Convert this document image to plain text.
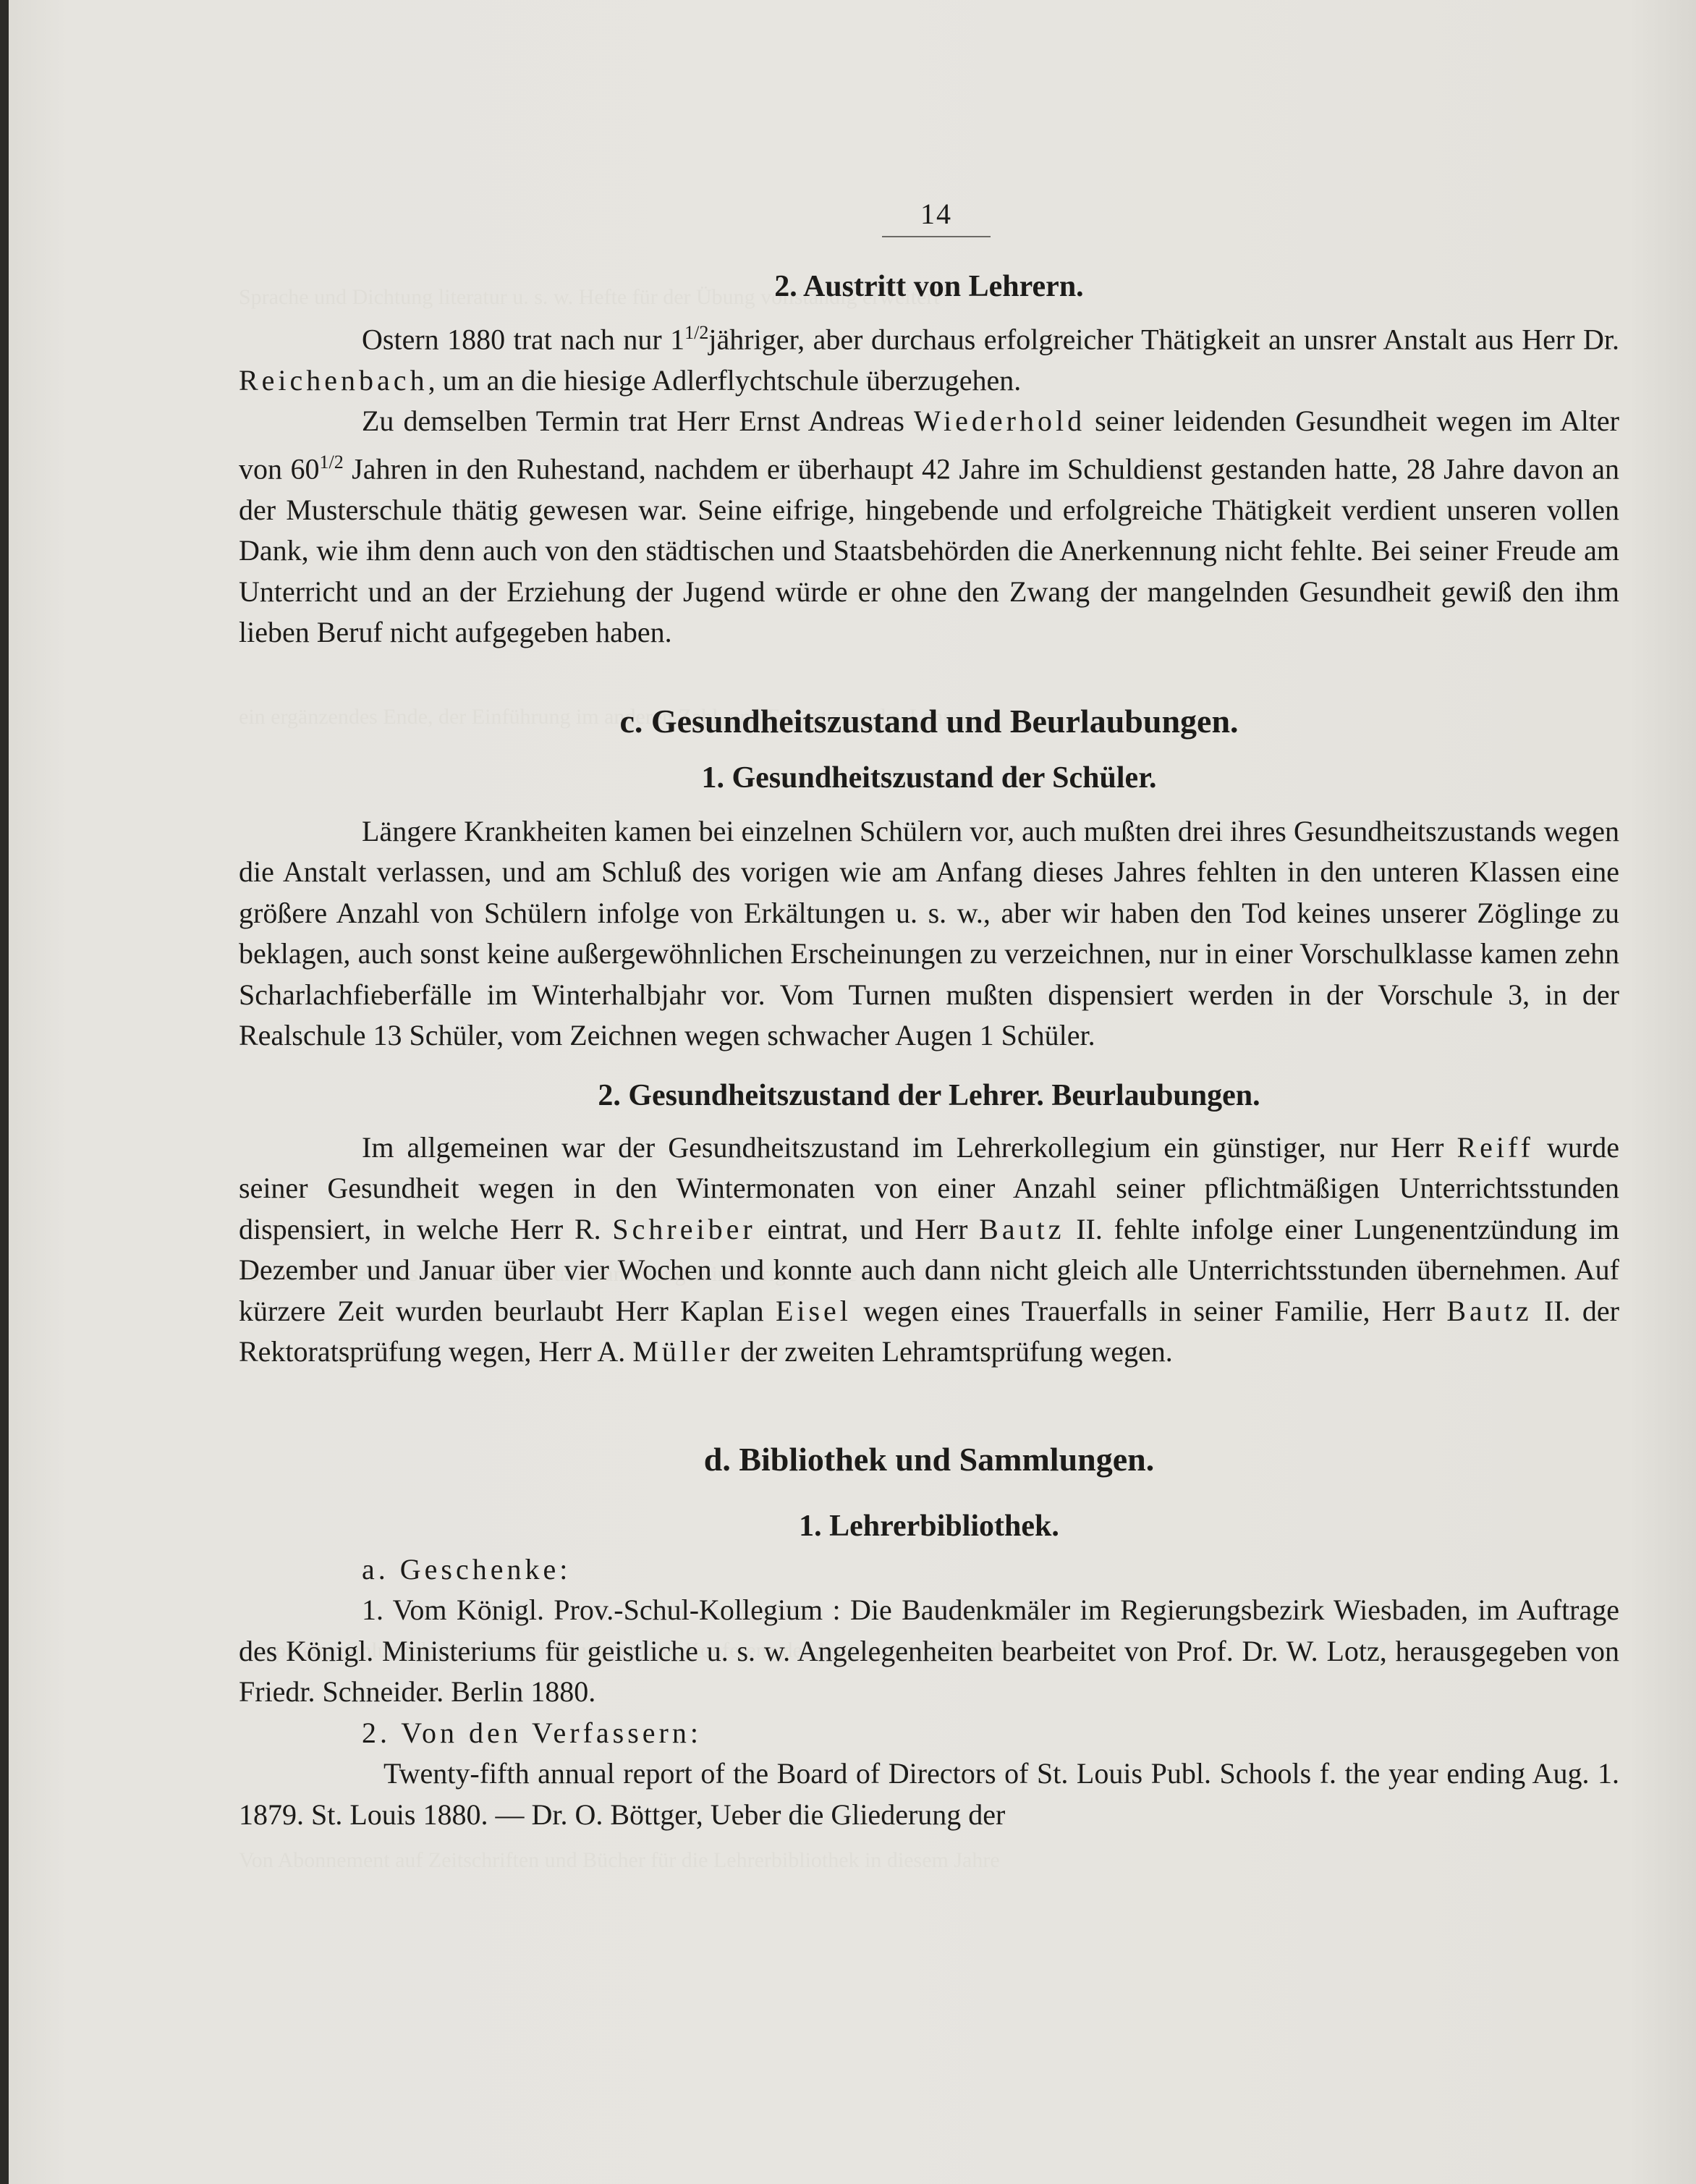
14
2. Austritt von Lehrern.

Ostern 1880 trat nach nur $1^{1/2}jähriger$, aber durchaus erfolgreicher Thätigkeit an unsrer Anstalt aus Herr Dr. Reichenbach, um an die hiesige Adlerflychtschule überzugehen.

Zu demselben Termin trat Herr Ernst Andreas Wiederhold seiner leidenden Gesundheit wegen im Alter von $60^{1/2}$ Jahren in den Ruhestand, nachdem er überhaupt 42 Jahre im Schuldienst gestanden hatte, 28 Jahre davon an der Musterschule thätig gewesen war. Seine eifrige, hingebende und erfolgreiche Thätigkeit verdient unseren vollen Dank, wie ihm denn auch von den städtischen und Staatsbehörden die Anerkennung nicht fehlte. Bei seiner Freude am Unterricht und an der Erziehung der Jugend würde er ohne den Zwang der mangelnden Gesundheit gewiß den ihm lieben Beruf nicht aufgegeben haben.

c. Gesundheitszustand und Beurlaubungen.
1. Gesundheitszustand der Schüler.

Längere Krankheiten kamen bei einzelnen Schülern vor, auch mußten drei ihres Gesundheitszustands wegen die Anstalt verlassen, und am Schluß des vorigen wie am Anfang dieses Jahres fehlten in den unteren Klassen eine größere Anzahl von Schülern infolge von Erkältungen u. s. w., aber wir haben den Tod keines unserer Zöglinge zu beklagen, auch sonst keine außergewöhnlichen Erscheinungen zu verzeichnen, nur in einer Vorschulklasse kamen zehn Scharlachfieberfälle im Winterhalbjahr vor. Vom Turnen mußten dispensiert werden in der Vorschule 3, in der Realschule 13 Schüler, vom Zeichnen wegen schwacher Augen 1 Schüler.

2. Gesundheitszustand der Lehrer. Beurlaubungen.

Im allgemeinen war der Gesundheitszustand im Lehrerkollegium ein günstiger, nur Herr Reiff wurde seiner Gesundheit wegen in den Wintermonaten von einer Anzahl seiner pflichtmäßigen Unterrichtsstunden dispensiert, in welche Herr R. Schreiber eintrat, und Herr Bautz II. fehlte infolge einer Lungenentzündung im Dezember und Januar über vier Wochen und konnte auch dann nicht gleich alle Unterrichtsstunden übernehmen. Auf kürzere Zeit wurden beurlaubt Herr Kaplan Eisel wegen eines Trauerfalls in seiner Familie, Herr Bautz II. der Rektoratsprüfung wegen, Herr A. Müller der zweiten Lehramtsprüfung wegen.

d. Bibliothek und Sammlungen.
1. Lehrerbibliothek.

a. Geschenke:

1. Vom Königl. Prov.-Schul-Kollegium : Die Baudenkmäler im Regierungsbezirk Wiesbaden, im Auftrage des Königl. Ministeriums für geistliche u. s. w. Angelegenheiten bearbeitet von Prof. Dr. W. Lotz, herausgegeben von Friedr. Schneider. Berlin 1880.

2. Von den Verfassern:

Twenty-fifth annual report of the Board of Directors of St. Louis Publ. Schools f. the year ending Aug. 1. 1879. St. Louis 1880. — Dr. O. Böttger, Ueber die Gliederung der
